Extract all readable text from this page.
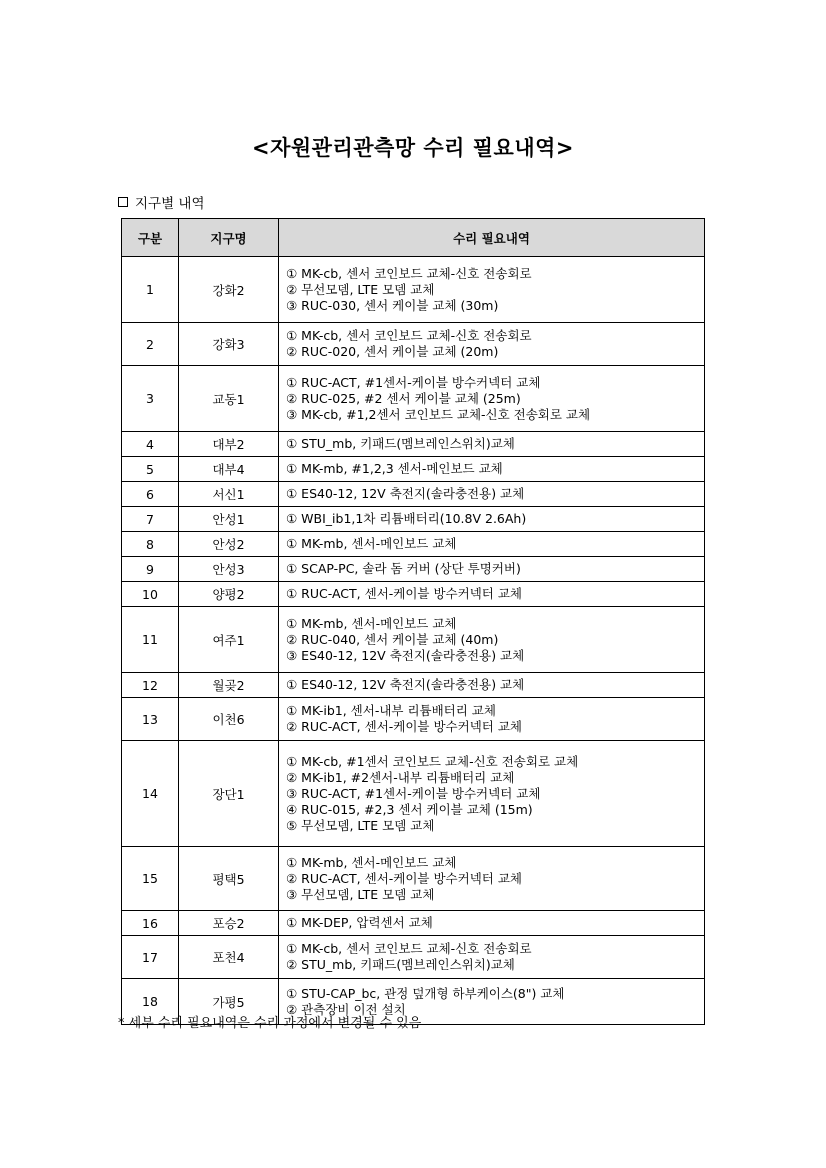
<자원관리관측망 수리 필요내역>
지구별 내역
구분	지구명	수리 필요내역
1	강화2	① MK-cb, 센서 코인보드 교체-신호 전송회로
② 무선모뎀, LTE 모뎀 교체
③ RUC-030, 센서 케이블 교체 (30m)

2	강화3	① MK-cb, 센서 코인보드 교체-신호 전송회로
② RUC-020, 센서 케이블 교체 (20m)

3	교동1	① RUC-ACT, #1센서-케이블 방수커넥터 교체
② RUC-025, #2 센서 케이블 교체 (25m)
③ MK-cb, #1,2센서 코인보드 교체-신호 전송회로 교체

4	대부2	① STU_mb, 키패드(멤브레인스위치)교체

5	대부4	① MK-mb, #1,2,3 센서-메인보드 교체

6	서신1	① ES40-12, 12V 축전지(솔라충전용) 교체

7	안성1	① WBI_ib1,1차 리튬배터리(10.8V 2.6Ah)

8	안성2	① MK-mb, 센서-메인보드 교체

9	안성3	① SCAP-PC, 솔라 돔 커버 (상단 투명커버)

10	양평2	① RUC-ACT, 센서-케이블 방수커넥터 교체

11	여주1	① MK-mb, 센서-메인보드 교체
② RUC-040, 센서 케이블 교체 (40m)
③ ES40-12, 12V 축전지(솔라충전용) 교체

12	월곶2	① ES40-12, 12V 축전지(솔라충전용) 교체

13	이천6	① MK-ib1, 센서-내부 리튬배터리 교체
② RUC-ACT, 센서-케이블 방수커넥터 교체

14	장단1	① MK-cb, #1센서 코인보드 교체-신호 전송회로 교체
② MK-ib1, #2센서-내부 리튬배터리 교체
③ RUC-ACT, #1센서-케이블 방수커넥터 교체
④ RUC-015, #2,3 센서 케이블 교체 (15m)
⑤ 무선모뎀, LTE 모뎀 교체

15	평택5	① MK-mb, 센서-메인보드 교체
② RUC-ACT, 센서-케이블 방수커넥터 교체
③ 무선모뎀, LTE 모뎀 교체

16	포승2	① MK-DEP, 압력센서 교체

17	포천4	① MK-cb, 센서 코인보드 교체-신호 전송회로
② STU_mb, 키패드(멤브레인스위치)교체

18	가평5	① STU-CAP_bc, 관정 덮개형 하부케이스(8") 교체
② 관측장비 이전 설치
* 세부 수리 필요내역은 수리 과정에서 변경될 수 있음
